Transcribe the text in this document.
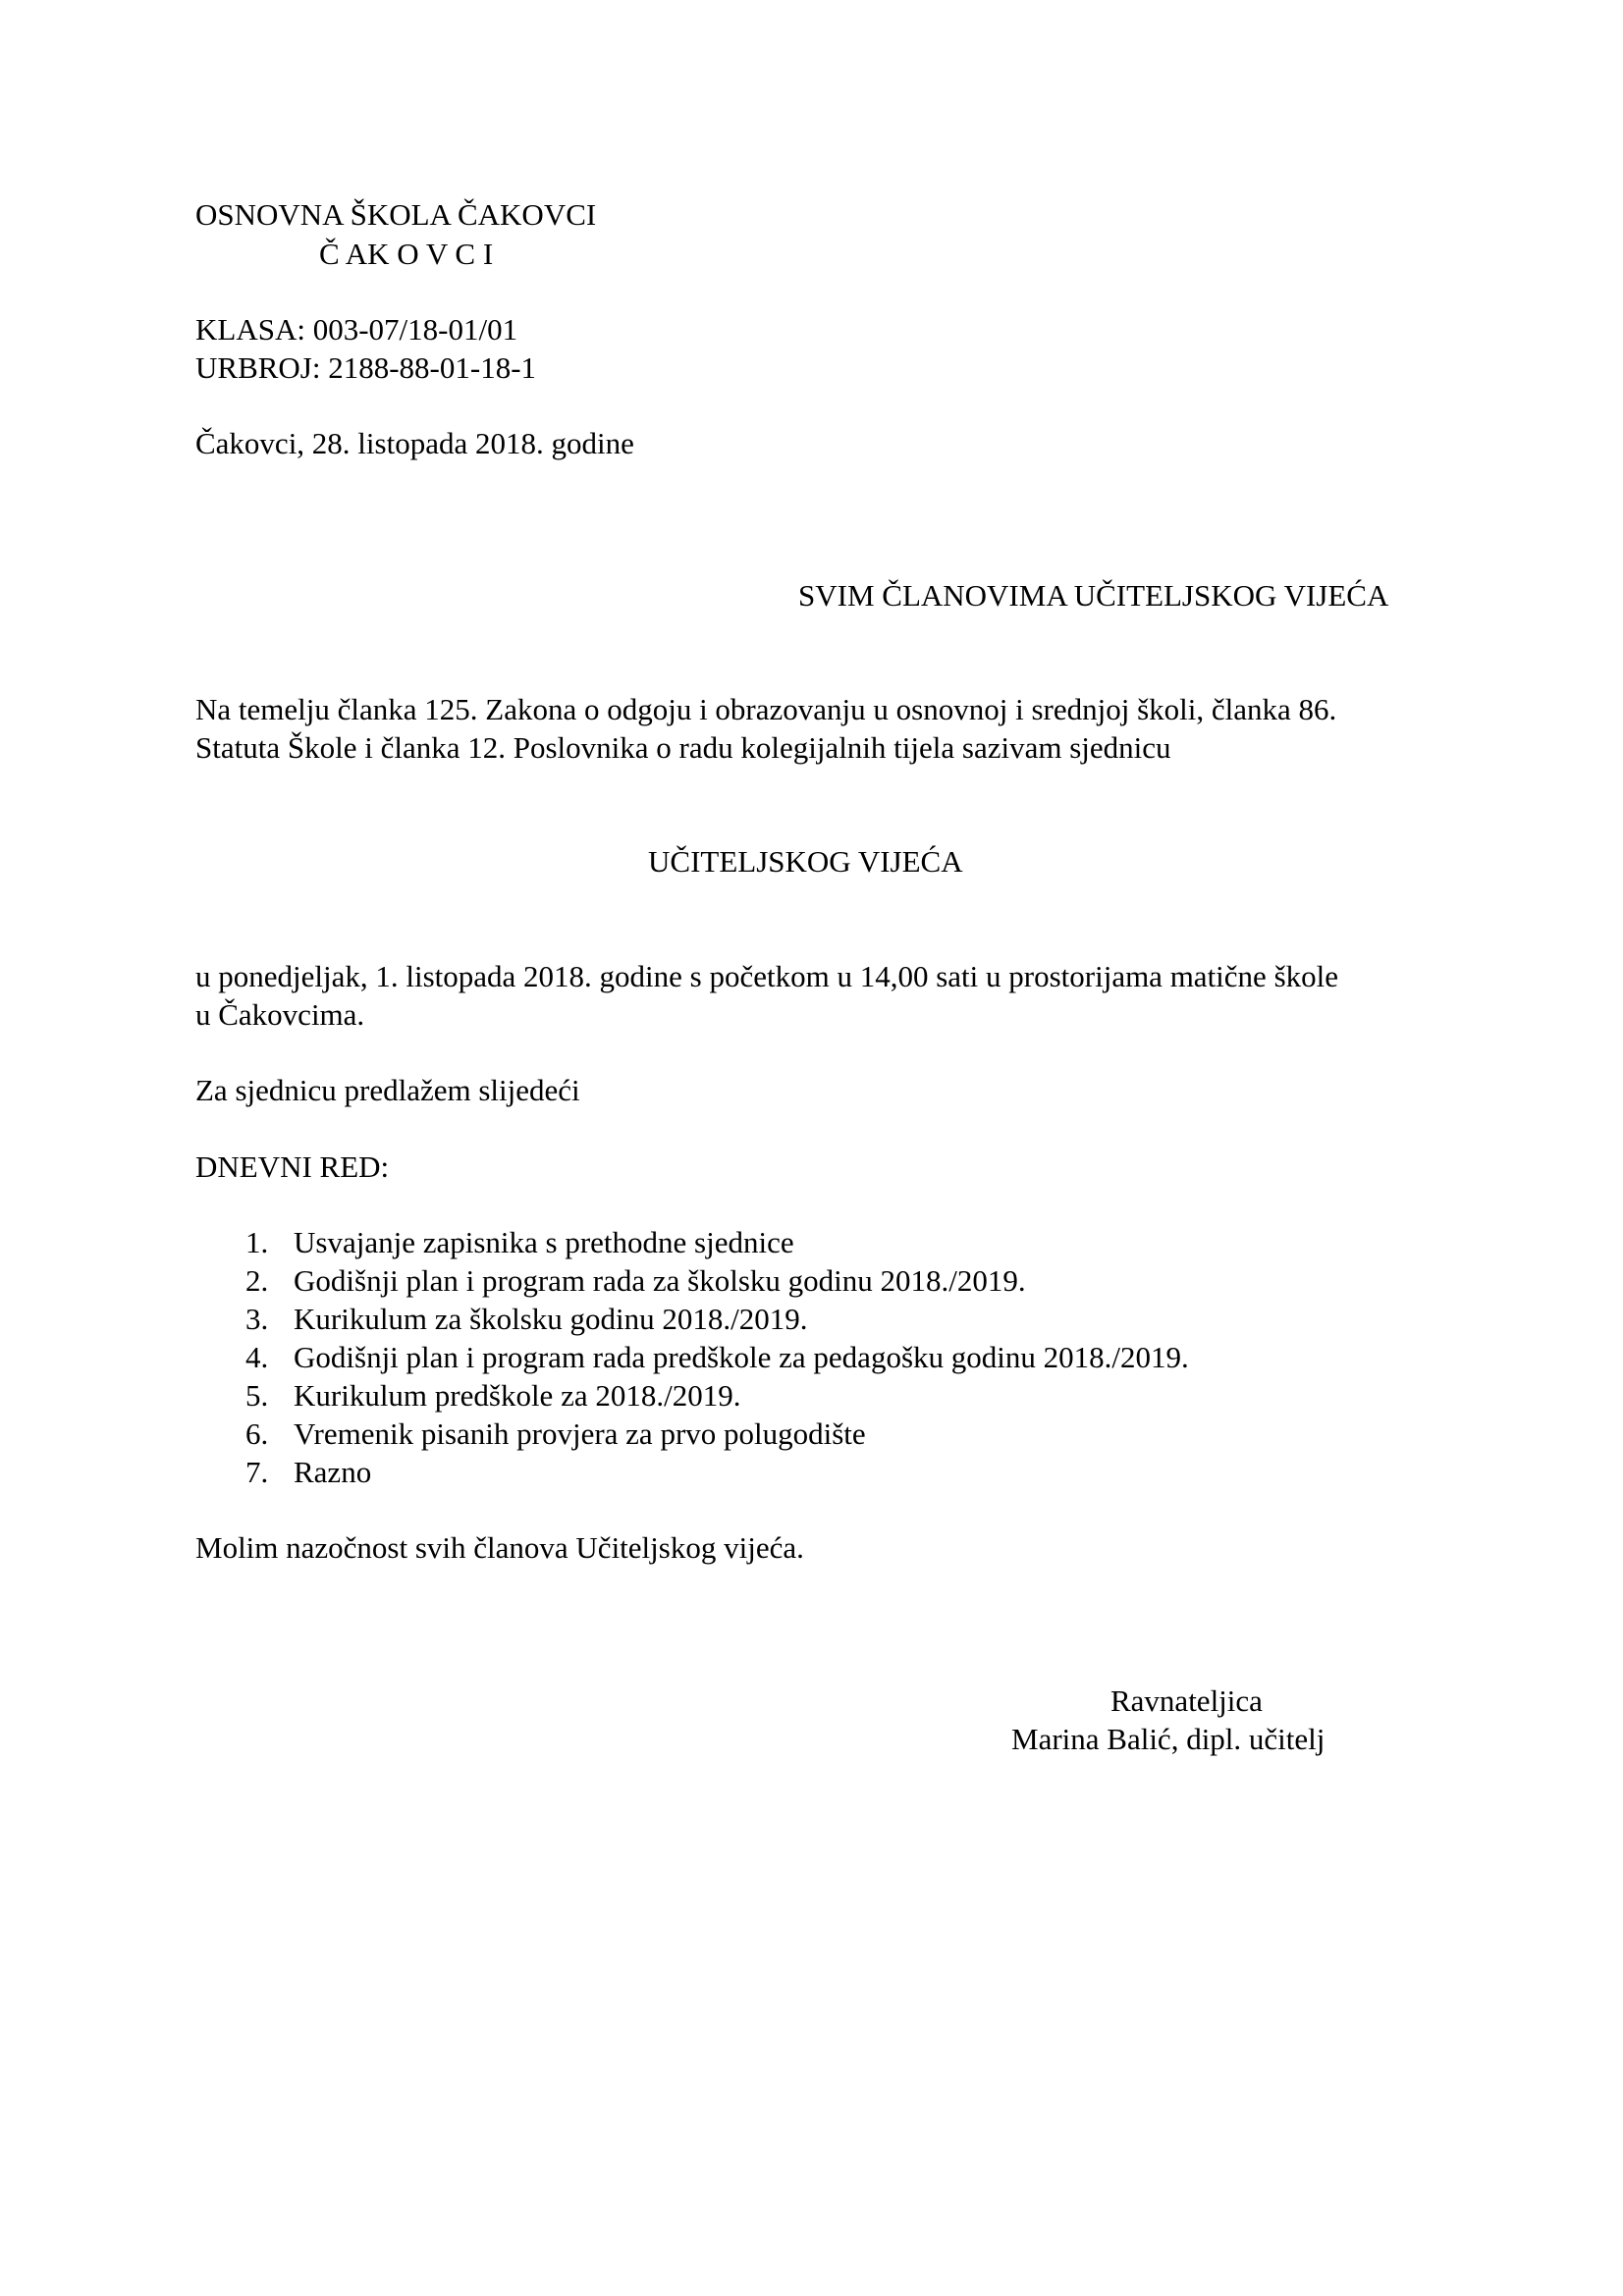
OSNOVNA ŠKOLA ČAKOVCI

Č AK O V C I

KLASA: 003-07/18-01/01

URBROJ: 2188-88-01-18-1

Čakovci, 28. listopada 2018. godine

SVIM ČLANOVIMA UČITELJSKOG VIJEĆA

Na temelju članka 125. Zakona o odgoju i obrazovanju u osnovnoj i srednjoj školi, članka 86.

Statuta Škole i članka 12. Poslovnika o radu kolegijalnih tijela sazivam sjednicu

UČITELJSKOG VIJEĆA

u ponedjeljak, 1. listopada 2018. godine s početkom u 14,00 sati u prostorijama matične škole

u Čakovcima.

Za sjednicu predlažem slijedeći

DNEVNI RED:

1. Usvajanje zapisnika s prethodne sjednice
2. Godišnji plan i program rada za školsku godinu 2018./2019.
3. Kurikulum za školsku godinu 2018./2019.
4. Godišnji plan i program rada predškole za pedagošku godinu 2018./2019.
5. Kurikulum predškole za 2018./2019.
6. Vremenik pisanih provjera za prvo polugodište
7. Razno

Molim nazočnost svih članova Učiteljskog vijeća.

Ravnateljica

Marina Balić, dipl. učitelj
